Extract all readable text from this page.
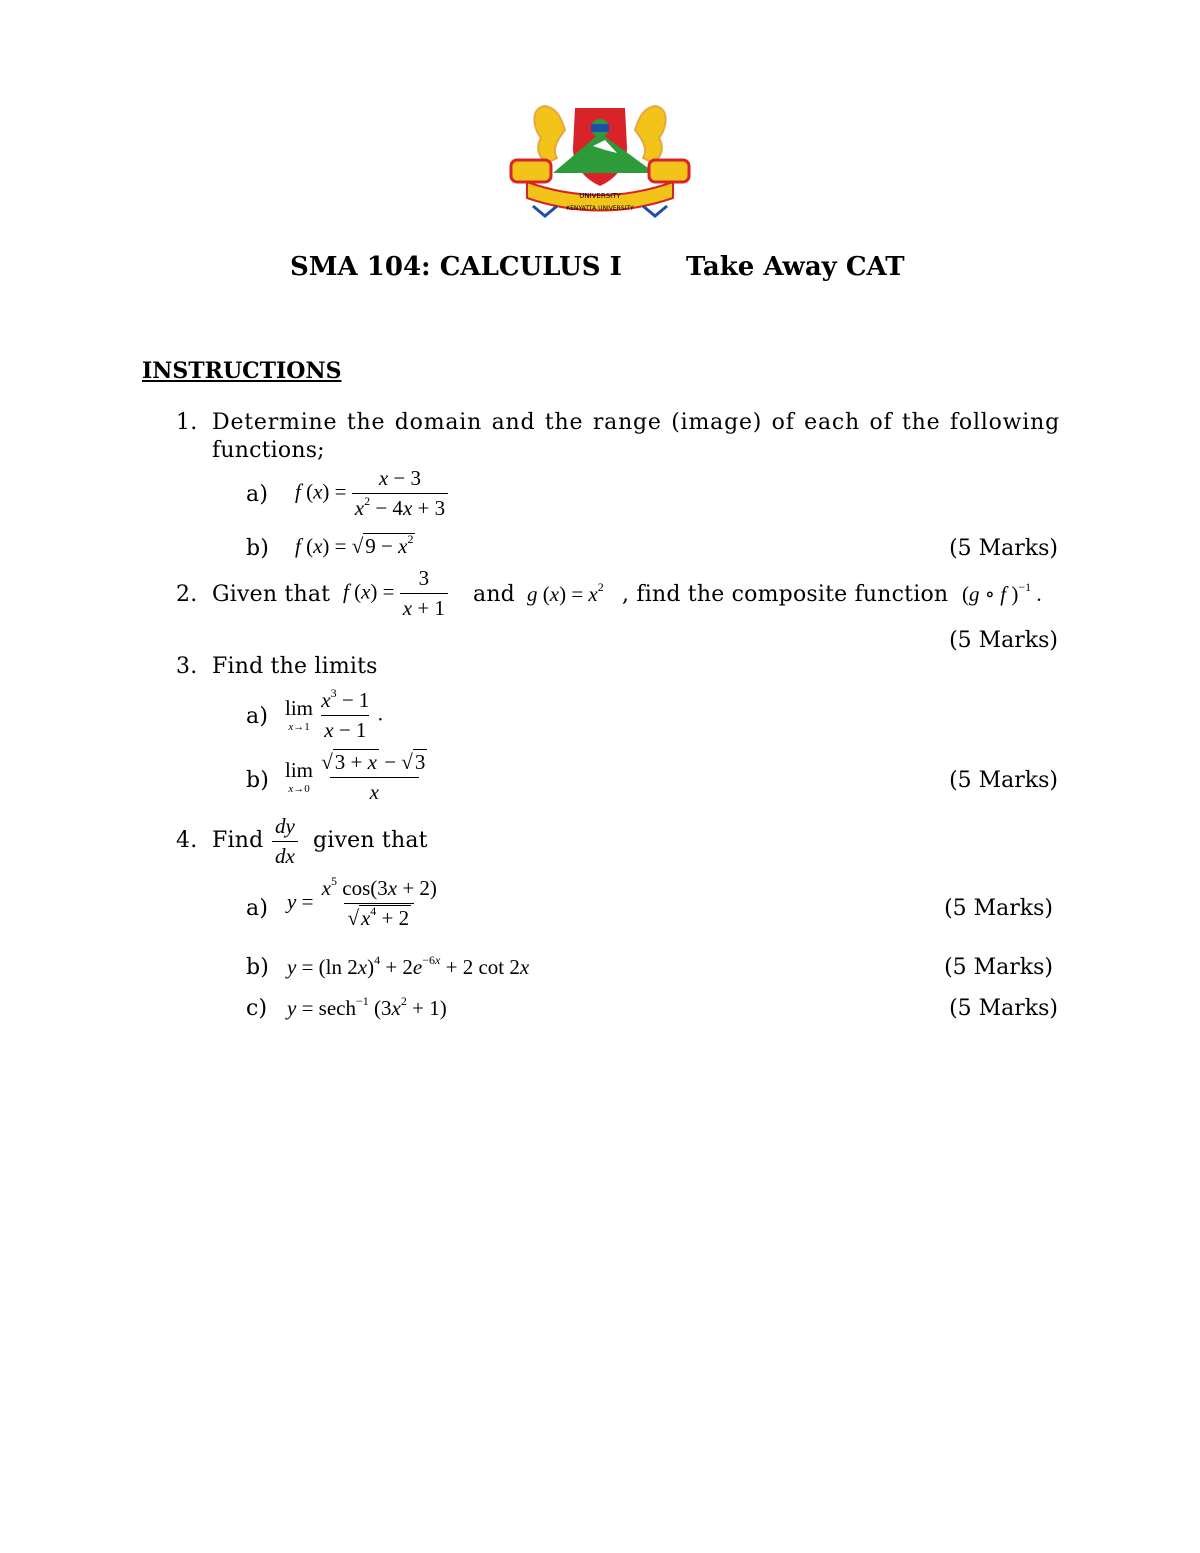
UNIVERSITY
KENYATTA UNIVERSITY
SMA 104: CALCULUS I Take Away CAT
INSTRUCTIONS
1. Determine the domain and the range (image) of each of the following
functions;
a) f $(x) = \frac{x - 3}{x^2 - 4x + 3}$
b) f $(x) = √9 - x^2$	(5 Marks)
2. Given that f $(x) = \frac{3}{x + 1}$ and g $(x) = x^2$ , find the composite function (g ∘ f )$^{-1}$ .
(5 Marks)
3. Find the limits
a) lim
x→1
$\frac{x^3 - 1}{x - 1}$ .
b) lim
x→0
$\frac{√3 + x - √3}{x}$	(5 Marks)
4. Find $\frac{dy}{dx}$ given that
a) $y = \frac{x^5 \cos(3x + 2)}{√x^4 + 2}$	(5 Marks)
b) y = (ln $2x)^4 + 2e^{-6x} + 2$ cot 2x	(5 Marks)
c) y = sech$^{-1}$ $(3x^2 + 1)$	(5 Marks)
